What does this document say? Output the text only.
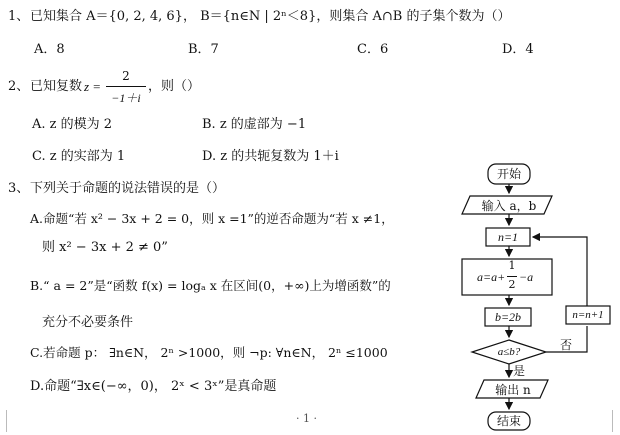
1、 已知集合 A＝{0, 2, 4, 6}， B＝{n∈N | 2ⁿ＜8}，则集合 A∩B 的子集个数为（）
A．8	B．7	C．6	D．4
2、 已知复数 z =
2
−1＋i
，则（）
A. z 的模为 2	B. z 的虚部为 −1
C. z 的实部为 1	D. z 的共轭复数为 1＋i
3、 下列关于命题的说法错误的是（）
A.命题“若 x² − 3x + 2 = 0，则 x =1”的逆否命题为“若 x ≠1，
则 x² − 3x + 2 ≠ 0”
B.“ a = 2”是“函数 f(x) = logₐ x 在区间(0，+∞)上为增函数”的
充分不必要条件
C.若命题 p： ∃n∈N， 2ⁿ >1000，则 ¬p: ∀n∈N， 2ⁿ ≤1000
D.命题“∃x∈(−∞，0)， 2ˣ < 3ˣ”是真命题
· 1 ·
开始
输入 a，b
n=1
a=a+
1
2
−a
b=2b	n=n+1
a≤b?	否
是
输出 n
结束
